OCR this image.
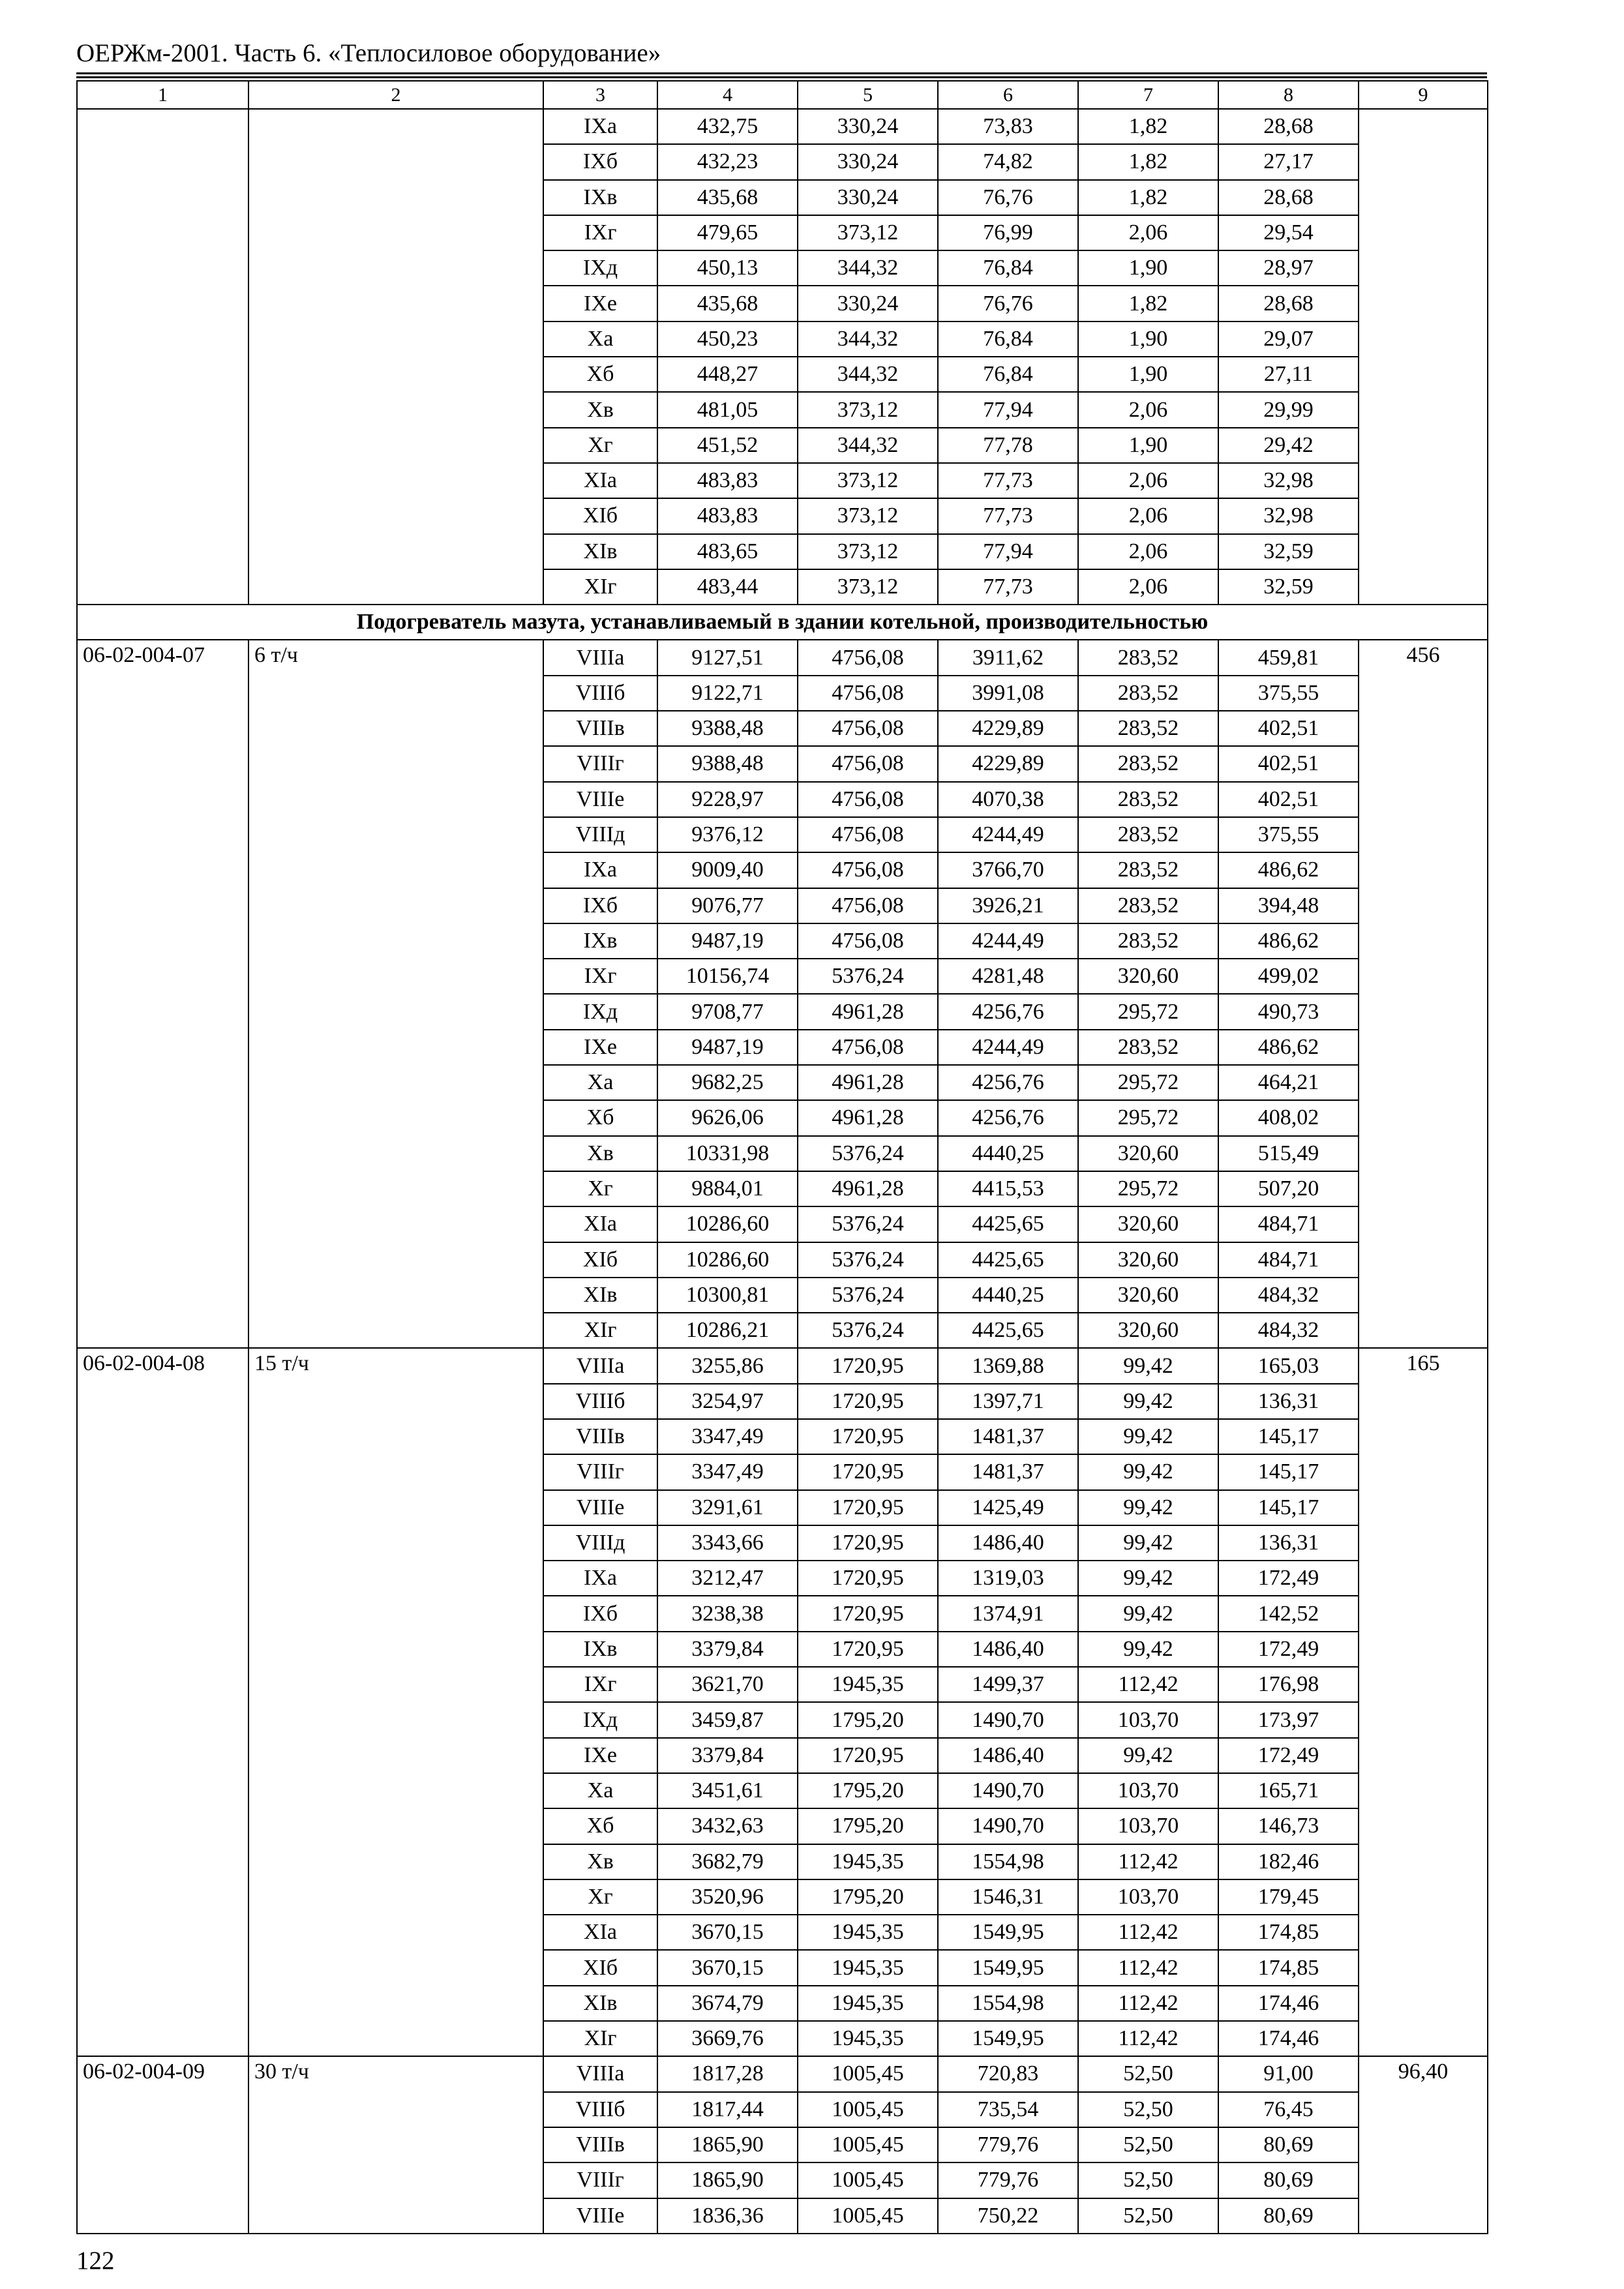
ОЕРЖм-2001. Часть 6. «Теплосиловое оборудование»
1	2	3	4	5	6	7	8	9
		IXa	432,75	330,24	73,83	1,82	28,68	
		IXб	432,23	330,24	74,82	1,82	27,17	
		IXв	435,68	330,24	76,76	1,82	28,68	
		IXг	479,65	373,12	76,99	2,06	29,54	
		IXд	450,13	344,32	76,84	1,90	28,97	
		IXe	435,68	330,24	76,76	1,82	28,68	
		Xa	450,23	344,32	76,84	1,90	29,07	
		Xб	448,27	344,32	76,84	1,90	27,11	
		Xв	481,05	373,12	77,94	2,06	29,99	
		Xг	451,52	344,32	77,78	1,90	29,42	
		XIa	483,83	373,12	77,73	2,06	32,98	
		XIб	483,83	373,12	77,73	2,06	32,98	
		XIв	483,65	373,12	77,94	2,06	32,59	
		XIг	483,44	373,12	77,73	2,06	32,59	
Подогреватель мазута, устанавливаемый в здании котельной, производительностью								
06-02-004-07	6 т/ч	VIIIa	9127,51	4756,08	3911,62	283,52	459,81	456
		VIIIб	9122,71	4756,08	3991,08	283,52	375,55	
		VIIIв	9388,48	4756,08	4229,89	283,52	402,51	
		VIIIг	9388,48	4756,08	4229,89	283,52	402,51	
		VIIIe	9228,97	4756,08	4070,38	283,52	402,51	
		VIIIд	9376,12	4756,08	4244,49	283,52	375,55	
		IXa	9009,40	4756,08	3766,70	283,52	486,62	
		IXб	9076,77	4756,08	3926,21	283,52	394,48	
		IXв	9487,19	4756,08	4244,49	283,52	486,62	
		IXг	10156,74	5376,24	4281,48	320,60	499,02	
		IXд	9708,77	4961,28	4256,76	295,72	490,73	
		IXe	9487,19	4756,08	4244,49	283,52	486,62	
		Xa	9682,25	4961,28	4256,76	295,72	464,21	
		Xб	9626,06	4961,28	4256,76	295,72	408,02	
		Xв	10331,98	5376,24	4440,25	320,60	515,49	
		Xг	9884,01	4961,28	4415,53	295,72	507,20	
		XIa	10286,60	5376,24	4425,65	320,60	484,71	
		XIб	10286,60	5376,24	4425,65	320,60	484,71	
		XIв	10300,81	5376,24	4440,25	320,60	484,32	
		XIг	10286,21	5376,24	4425,65	320,60	484,32	
06-02-004-08	15 т/ч	VIIIa	3255,86	1720,95	1369,88	99,42	165,03	165
		VIIIб	3254,97	1720,95	1397,71	99,42	136,31	
		VIIIв	3347,49	1720,95	1481,37	99,42	145,17	
		VIIIг	3347,49	1720,95	1481,37	99,42	145,17	
		VIIIe	3291,61	1720,95	1425,49	99,42	145,17	
		VIIIд	3343,66	1720,95	1486,40	99,42	136,31	
		IXa	3212,47	1720,95	1319,03	99,42	172,49	
		IXб	3238,38	1720,95	1374,91	99,42	142,52	
		IXв	3379,84	1720,95	1486,40	99,42	172,49	
		IXг	3621,70	1945,35	1499,37	112,42	176,98	
		IXд	3459,87	1795,20	1490,70	103,70	173,97	
		IXe	3379,84	1720,95	1486,40	99,42	172,49	
		Xa	3451,61	1795,20	1490,70	103,70	165,71	
		Xб	3432,63	1795,20	1490,70	103,70	146,73	
		Xв	3682,79	1945,35	1554,98	112,42	182,46	
		Xг	3520,96	1795,20	1546,31	103,70	179,45	
		XIa	3670,15	1945,35	1549,95	112,42	174,85	
		XIб	3670,15	1945,35	1549,95	112,42	174,85	
		XIв	3674,79	1945,35	1554,98	112,42	174,46	
		XIг	3669,76	1945,35	1549,95	112,42	174,46	
06-02-004-09	30 т/ч	VIIIa	1817,28	1005,45	720,83	52,50	91,00	96,40
		VIIIб	1817,44	1005,45	735,54	52,50	76,45	
		VIIIв	1865,90	1005,45	779,76	52,50	80,69	
		VIIIг	1865,90	1005,45	779,76	52,50	80,69	
		VIIIe	1836,36	1005,45	750,22	52,50	80,69	
122
